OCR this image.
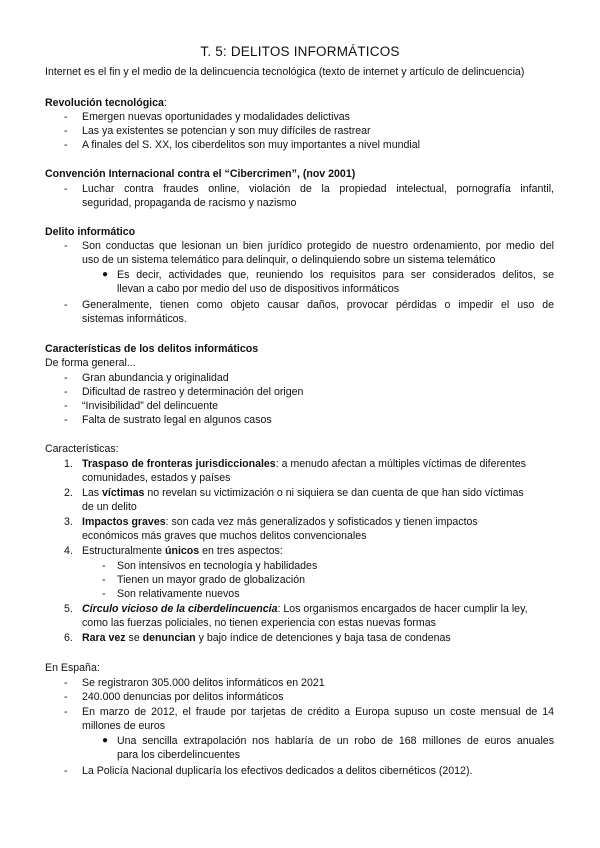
T. 5: DELITOS INFORMÁTICOS
Internet es el fin y el medio de la delincuencia tecnológica (texto de internet y artículo de delincuencia)
Revolución tecnológica:
- Emergen nuevas oportunidades y modalidades delictivas
- Las ya existentes se potencian y son muy difíciles de rastrear
- A finales del S. XX, los ciberdelitos son muy importantes a nivel mundial
Convención Internacional contra el “Cibercrimen”, (nov 2001)
- Luchar contra fraudes online, violación de la propiedad intelectual, pornografía infantil,
seguridad, propaganda de racismo y nazismo
Delito informático
- Son conductas que lesionan un bien jurídico protegido de nuestro ordenamiento, por medio del
uso de un sistema telemático para delinquir, o delinquiendo sobre un sistema telemático
● Es decir, actividades que, reuniendo los requisitos para ser considerados delitos, se
llevan a cabo por medio del uso de dispositivos informáticos
- Generalmente, tienen como objeto causar daños, provocar pérdidas o impedir el uso de
sistemas informáticos.
Características de los delitos informáticos
De forma general...
- Gran abundancia y originalidad
- Dificultad de rastreo y determinación del origen
- “Invisibilidad” del delincuente
- Falta de sustrato legal en algunos casos
Características:
1. Traspaso de fronteras jurisdiccionales: a menudo afectan a múltiples víctimas de diferentes
comunidades, estados y países
2. Las víctimas no revelan su victimización o ni siquiera se dan cuenta de que han sido víctimas
de un delito
3. Impactos graves: son cada vez más generalizados y sofisticados y tienen impactos
económicos más graves que muchos delitos convencionales
4. Estructuralmente únicos en tres aspectos:
- Son intensivos en tecnología y habilidades
- Tienen un mayor grado de globalización
- Son relativamente nuevos
5. Círculo vicioso de la ciberdelincuencia: Los organismos encargados de hacer cumplir la ley,
como las fuerzas policiales, no tienen experiencia con estas nuevas formas
6. Rara vez se denuncian y bajo índice de detenciones y baja tasa de condenas
En España:
- Se registraron 305.000 delitos informáticos en 2021
- 240.000 denuncias por delitos informáticos
- En marzo de 2012, el fraude por tarjetas de crédito a Europa supuso un coste mensual de 14
millones de euros
● Una sencilla extrapolación nos hablaría de un robo de 168 millones de euros anuales
para los ciberdelincuentes
- La Policía Nacional duplicaría los efectivos dedicados a delitos cibernéticos (2012).
